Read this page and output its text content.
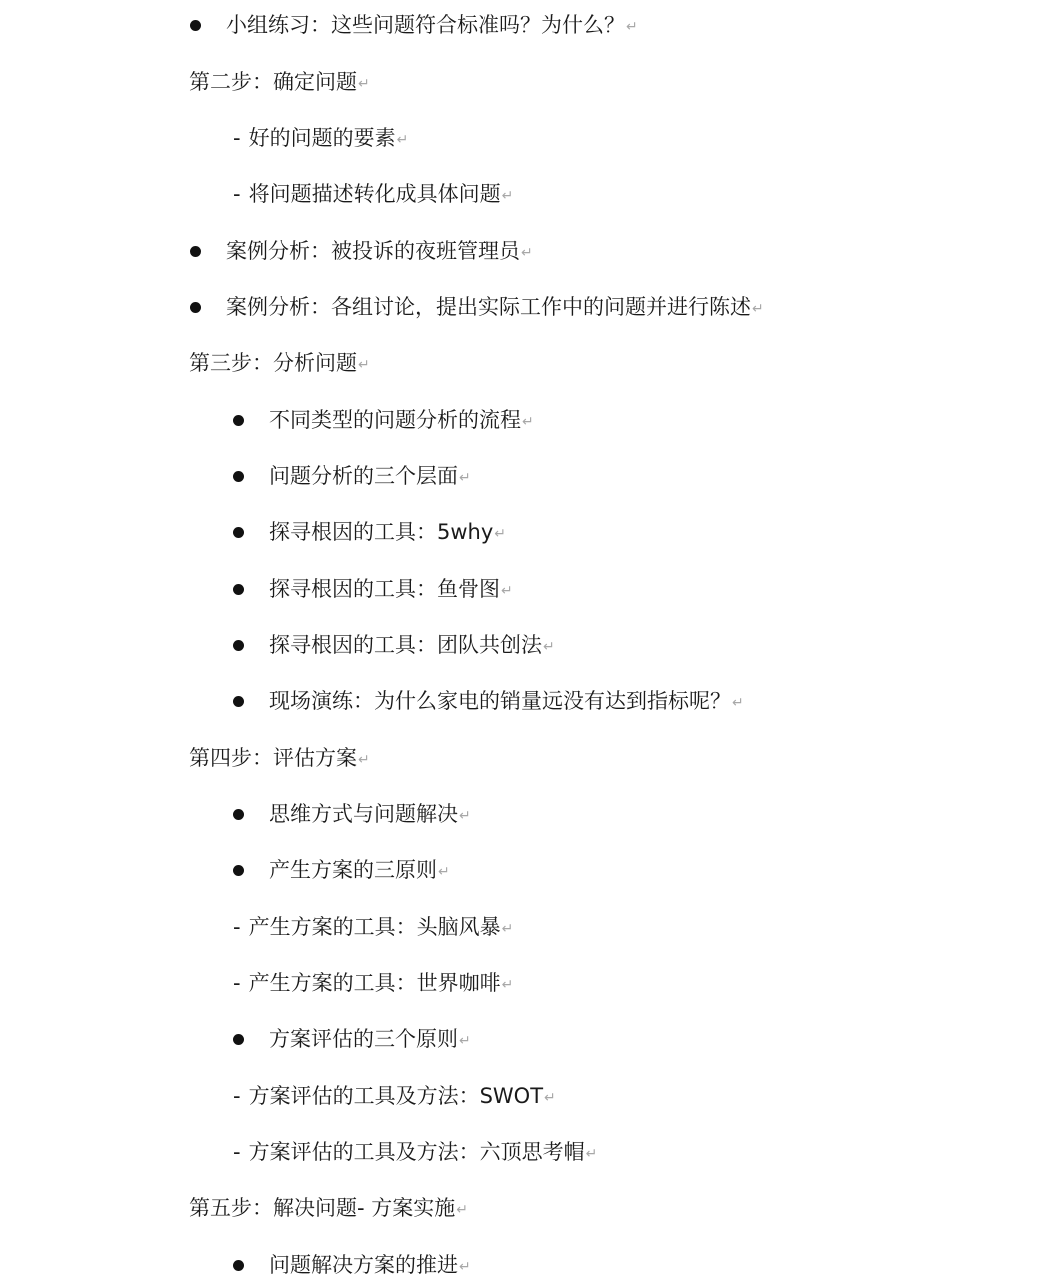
小组练习：这些问题符合标准吗？为什么？ ↵
第二步：确定问题 ↵
- 好的问题的要素 ↵
- 将问题描述转化成具体问题 ↵
案例分析：被投诉的夜班管理员 ↵
案例分析：各组讨论，提出实际工作中的问题并进行陈述 ↵
第三步：分析问题 ↵
不同类型的问题分析的流程 ↵
问题分析的三个层面 ↵
探寻根因的工具：5why ↵
探寻根因的工具：鱼骨图 ↵
探寻根因的工具：团队共创法 ↵
现场演练：为什么家电的销量远没有达到指标呢？ ↵
第四步：评估方案 ↵
思维方式与问题解决 ↵
产生方案的三原则 ↵
- 产生方案的工具：头脑风暴 ↵
- 产生方案的工具：世界咖啡 ↵
方案评估的三个原则 ↵
- 方案评估的工具及方法：SWOT ↵
- 方案评估的工具及方法：六顶思考帽 ↵
第五步：解决问题- 方案实施 ↵
问题解决方案的推进 ↵
